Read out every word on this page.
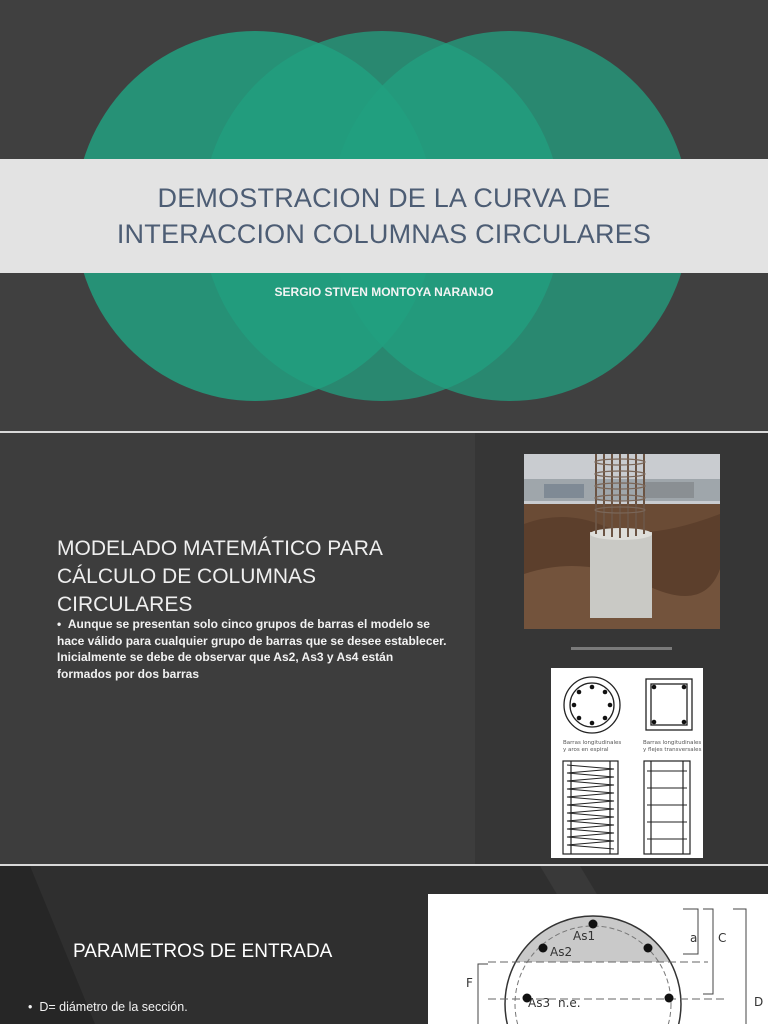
DEMOSTRACION DE LA CURVA DE
INTERACCION COLUMNAS CIRCULARES
SERGIO STIVEN MONTOYA NARANJO
MODELADO MATEMÁTICO PARA
CÁLCULO DE COLUMNAS CIRCULARES
•  Aunque se presentan solo cinco grupos de barras el modelo se hace válido para cualquier grupo de barras que se desee establecer. Inicialmente se debe de observar que As2, As3 y As4 están formados por dos barras
Barras longitudinales
y aros en espiral
Barras longitudinales
y flejes transversales
PARAMETROS DE ENTRADA
•  D= diámetro de la sección.
As1
As2
As3 n.e.
a C
F
D
